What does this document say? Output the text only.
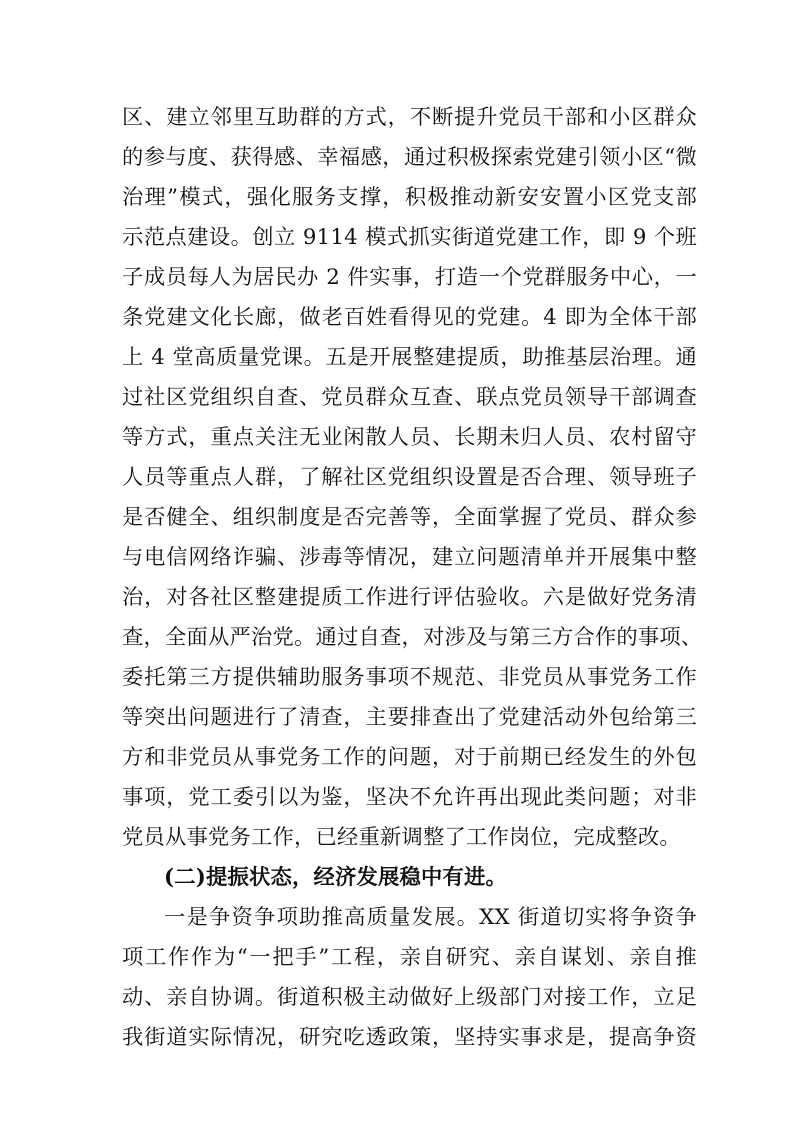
区、建立邻里互助群的方式，不断提升党员干部和小区群众
的参与度、获得感、幸福感，通过积极探索党建引领小区“微
治理”模式，强化服务支撑，积极推动新安安置小区党支部
示范点建设。创立 9114 模式抓实街道党建工作，即 9 个班
子成员每人为居民办 2 件实事，打造一个党群服务中心，一
条党建文化长廊，做老百姓看得见的党建。4 即为全体干部
上 4 堂高质量党课。五是开展整建提质，助推基层治理。通
过社区党组织自查、党员群众互查、联点党员领导干部调查
等方式，重点关注无业闲散人员、长期未归人员、农村留守
人员等重点人群，了解社区党组织设置是否合理、领导班子
是否健全、组织制度是否完善等，全面掌握了党员、群众参
与电信网络诈骗、涉毒等情况，建立问题清单并开展集中整
治，对各社区整建提质工作进行评估验收。六是做好党务清
查，全面从严治党。通过自查，对涉及与第三方合作的事项、
委托第三方提供辅助服务事项不规范、非党员从事党务工作
等突出问题进行了清查，主要排查出了党建活动外包给第三
方和非党员从事党务工作的问题，对于前期已经发生的外包
事项，党工委引以为鉴，坚决不允许再出现此类问题；对非
党员从事党务工作，已经重新调整了工作岗位，完成整改。
(二)提振状态，经济发展稳中有进。
一是争资争项助推高质量发展。XX 街道切实将争资争
项工作作为“一把手”工程，亲自研究、亲自谋划、亲自推
动、亲自协调。街道积极主动做好上级部门对接工作，立足
我街道实际情况，研究吃透政策，坚持实事求是，提高争资
